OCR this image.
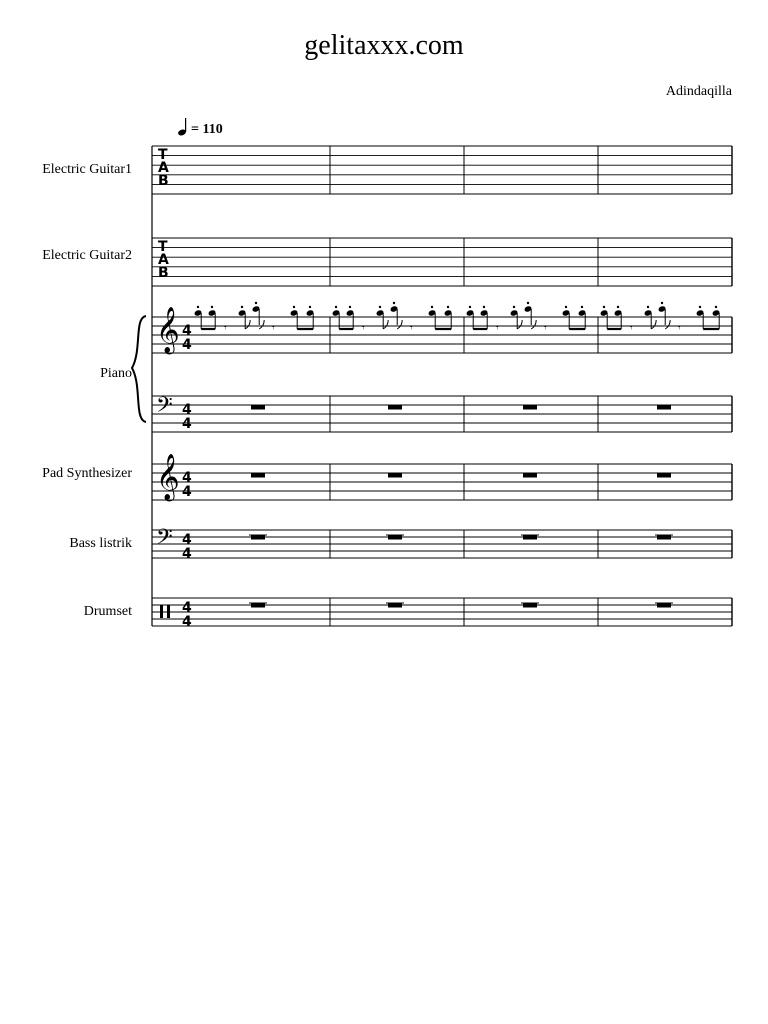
gelitaxxx.com
Adindaqilla
= 110
Electric Guitar1
Electric Guitar2
Piano
Pad Synthesizer
Bass listrik
Drumset
T
A
B
T
A
B
𝄞 4
4
𝄾	𝄾	𝄾	𝄾	𝄾	𝄾	𝄾	𝄾
𝄢 4
4
𝄞 4
4
𝄢 4
4
4
4
